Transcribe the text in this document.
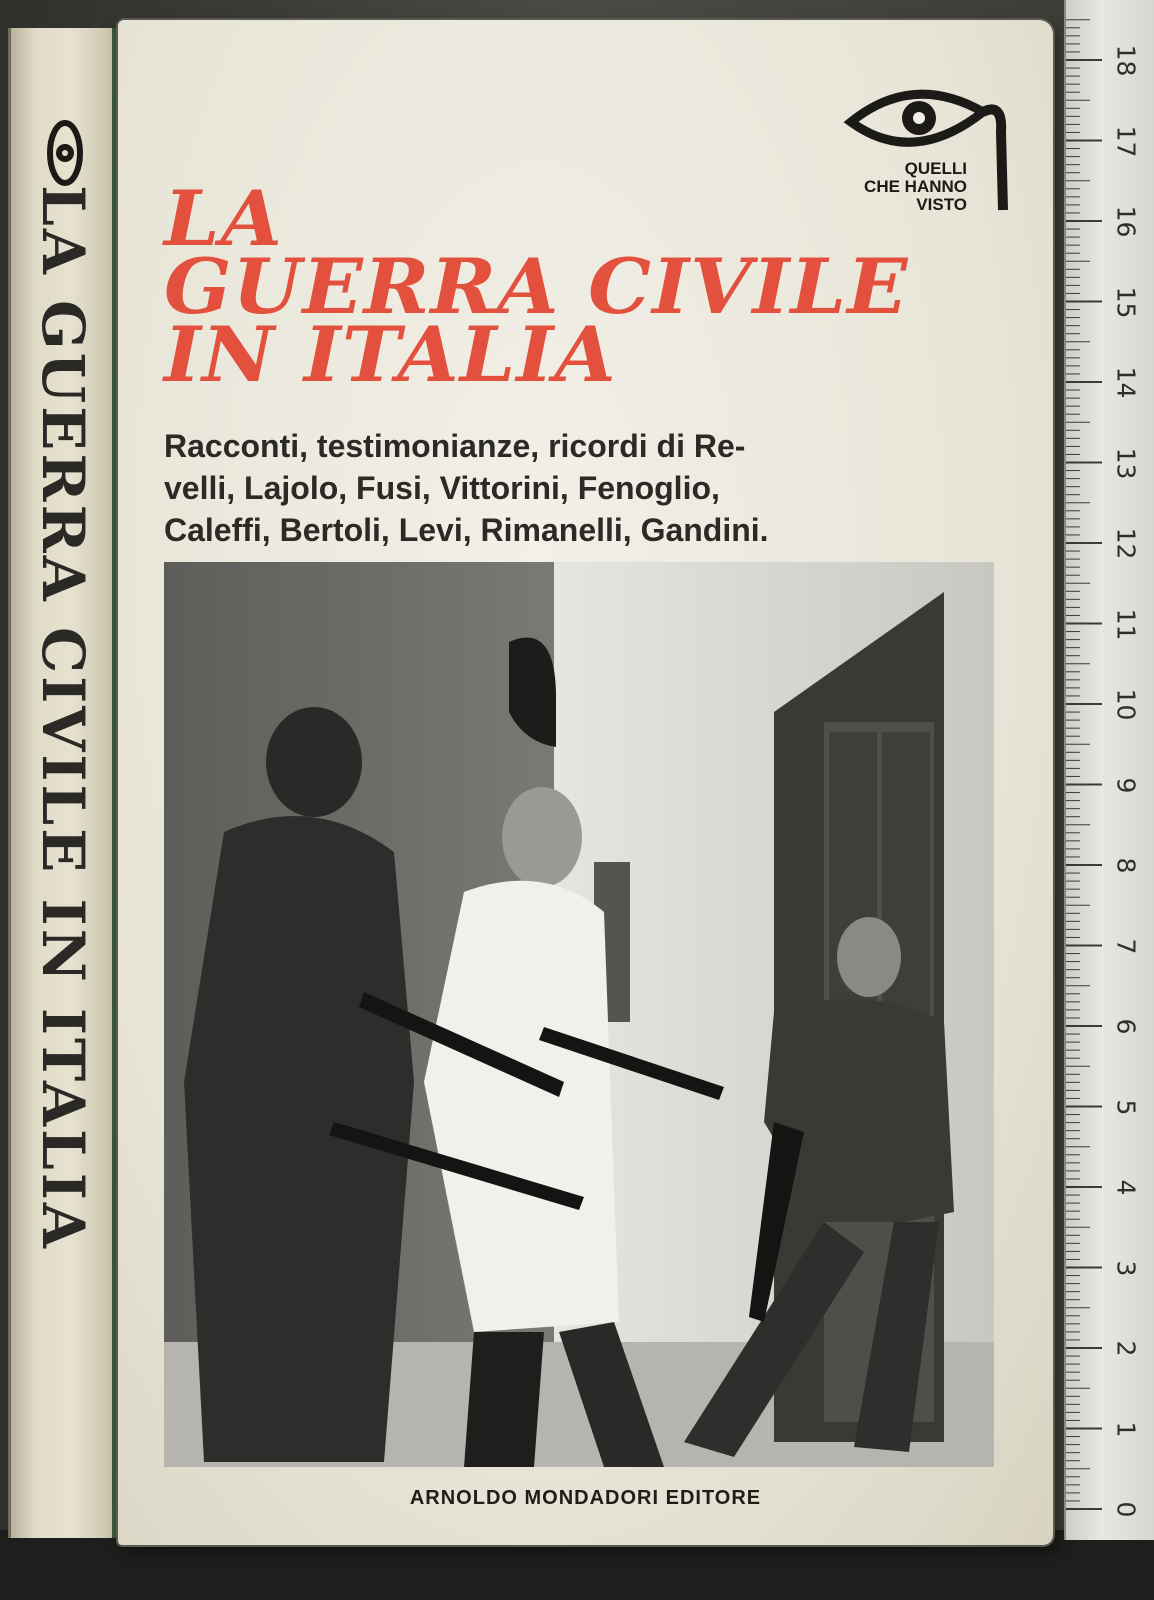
LA GUERRA CIVILE IN ITALIA
QUELLI
CHE HANNO
VISTO
LA
GUERRA CIVILE
IN ITALIA
Racconti, testimonianze, ricordi di Re-
velli, Lajolo, Fusi, Vittorini, Fenoglio,
Caleffi, Bertoli, Levi, Rimanelli, Gandini.
ARNOLDO MONDADORI EDITORE
18
17
16
15
14
13
12
11
10
9
8
7
6
5
4
3
2
1
0
